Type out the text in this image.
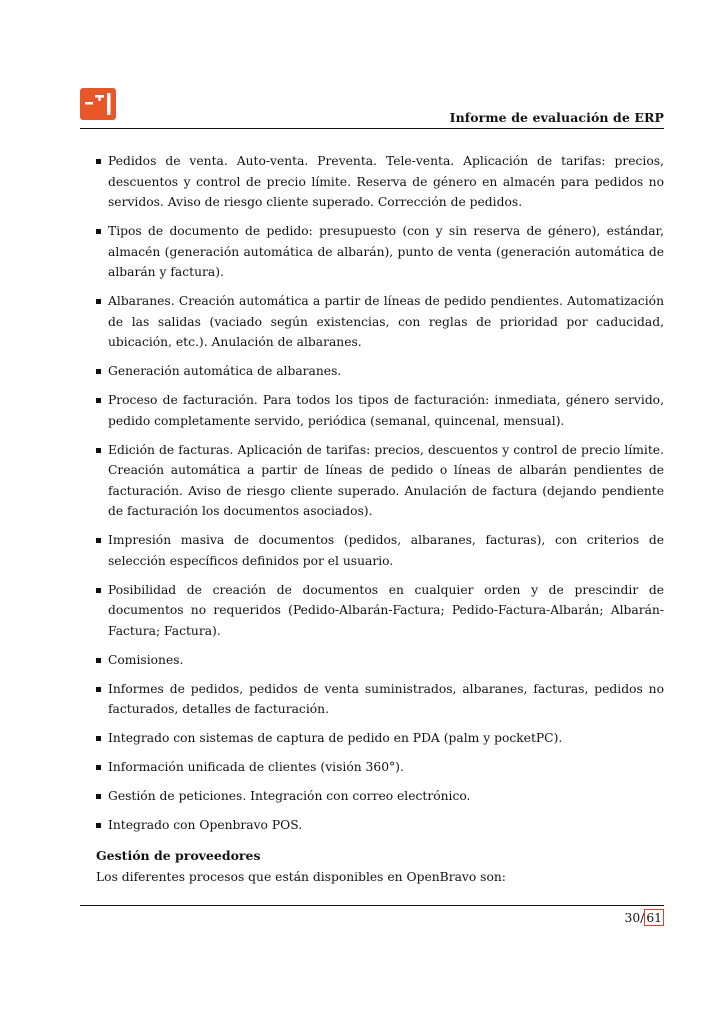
Informe de evaluación de ERP
Pedidos de venta. Auto-venta. Preventa. Tele-venta. Aplicación de tarifas: precios, descuentos y control de precio límite. Reserva de género en almacén para pedidos no servidos. Aviso de riesgo cliente superado. Corrección de pedidos.
Tipos de documento de pedido: presupuesto (con y sin reserva de género), estándar, almacén (generación automática de albarán), punto de venta (generación automática de albarán y factura).
Albaranes. Creación automática a partir de líneas de pedido pendientes. Automatización de las salidas (vaciado según existencias, con reglas de prioridad por caducidad, ubicación, etc.). Anulación de albaranes.
Generación automática de albaranes.
Proceso de facturación. Para todos los tipos de facturación: inmediata, género servido, pedido completamente servido, periódica (semanal, quincenal, mensual).
Edición de facturas. Aplicación de tarifas: precios, descuentos y control de precio límite. Creación automática a partir de líneas de pedido o líneas de albarán pendientes de facturación. Aviso de riesgo cliente superado. Anulación de factura (dejando pendiente de facturación los documentos asociados).
Impresión masiva de documentos (pedidos, albaranes, facturas), con criterios de selección específicos definidos por el usuario.
Posibilidad de creación de documentos en cualquier orden y de prescindir de documentos no requeridos (Pedido-Albarán-Factura; Pedido-Factura-Albarán; Albarán-Factura; Factura).
Comisiones.
Informes de pedidos, pedidos de venta suministrados, albaranes, facturas, pedidos no facturados, detalles de facturación.
Integrado con sistemas de captura de pedido en PDA (palm y pocketPC).
Información unificada de clientes (visión 360°).
Gestión de peticiones. Integración con correo electrónico.
Integrado con Openbravo POS.
Gestión de proveedores
Los diferentes procesos que están disponibles en OpenBravo son:
30/ 61
